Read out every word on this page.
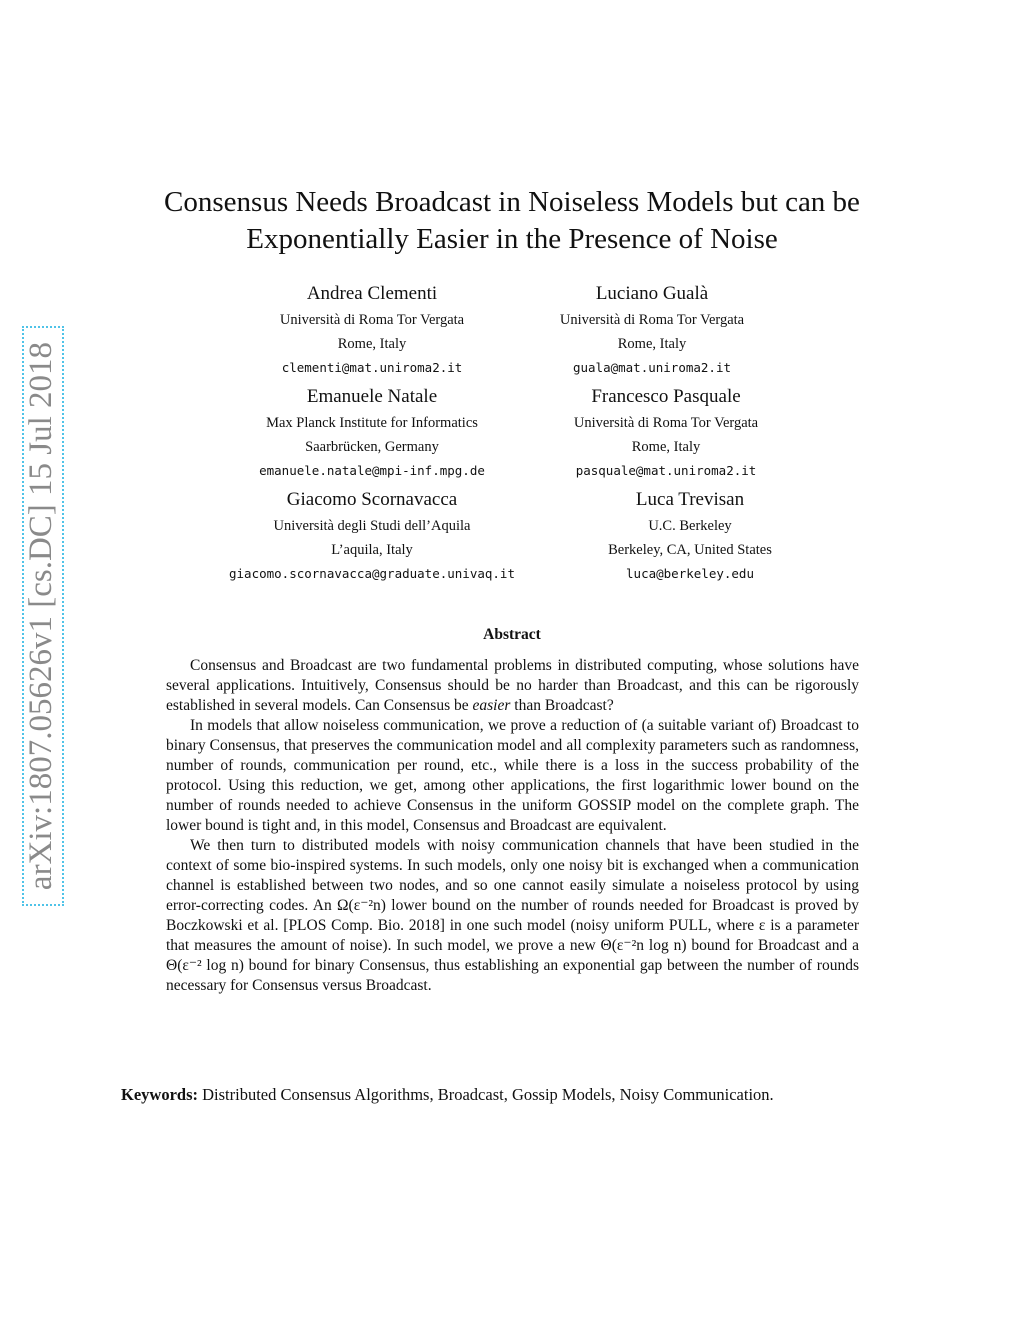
arXiv:1807.05626v1 [cs.DC] 15 Jul 2018
Consensus Needs Broadcast in Noiseless Models but can be
Exponentially Easier in the Presence of Noise
Andrea Clementi
Università di Roma Tor Vergata
Rome, Italy
clementi@mat.uniroma2.it
Luciano Gualà
Università di Roma Tor Vergata
Rome, Italy
guala@mat.uniroma2.it
Emanuele Natale
Max Planck Institute for Informatics
Saarbrücken, Germany
emanuele.natale@mpi-inf.mpg.de
Francesco Pasquale
Università di Roma Tor Vergata
Rome, Italy
pasquale@mat.uniroma2.it
Giacomo Scornavacca
Università degli Studi dell’Aquila
L’aquila, Italy
giacomo.scornavacca@graduate.univaq.it
Luca Trevisan
U.C. Berkeley
Berkeley, CA, United States
luca@berkeley.edu
Abstract

Consensus and Broadcast are two fundamental problems in distributed computing, whose solutions have several applications. Intuitively, Consensus should be no harder than Broadcast, and this can be rigorously established in several models. Can Consensus be easier than Broadcast?

In models that allow noiseless communication, we prove a reduction of (a suitable variant of) Broadcast to binary Consensus, that preserves the communication model and all complexity parameters such as randomness, number of rounds, communication per round, etc., while there is a loss in the success probability of the protocol. Using this reduction, we get, among other applications, the first logarithmic lower bound on the number of rounds needed to achieve Consensus in the uniform GOSSIP model on the complete graph. The lower bound is tight and, in this model, Consensus and Broadcast are equivalent.

We then turn to distributed models with noisy communication channels that have been studied in the context of some bio-inspired systems. In such models, only one noisy bit is exchanged when a communication channel is established between two nodes, and so one cannot easily simulate a noiseless protocol by using error-correcting codes. An Ω(ε⁻²n) lower bound on the number of rounds needed for Broadcast is proved by Boczkowski et al. [PLOS Comp. Bio. 2018] in one such model (noisy uniform PULL, where ε is a parameter that measures the amount of noise). In such model, we prove a new Θ(ε⁻²n log n) bound for Broadcast and a Θ(ε⁻² log n) bound for binary Consensus, thus establishing an exponential gap between the number of rounds necessary for Consensus versus Broadcast.

Keywords: Distributed Consensus Algorithms, Broadcast, Gossip Models, Noisy Communication.
